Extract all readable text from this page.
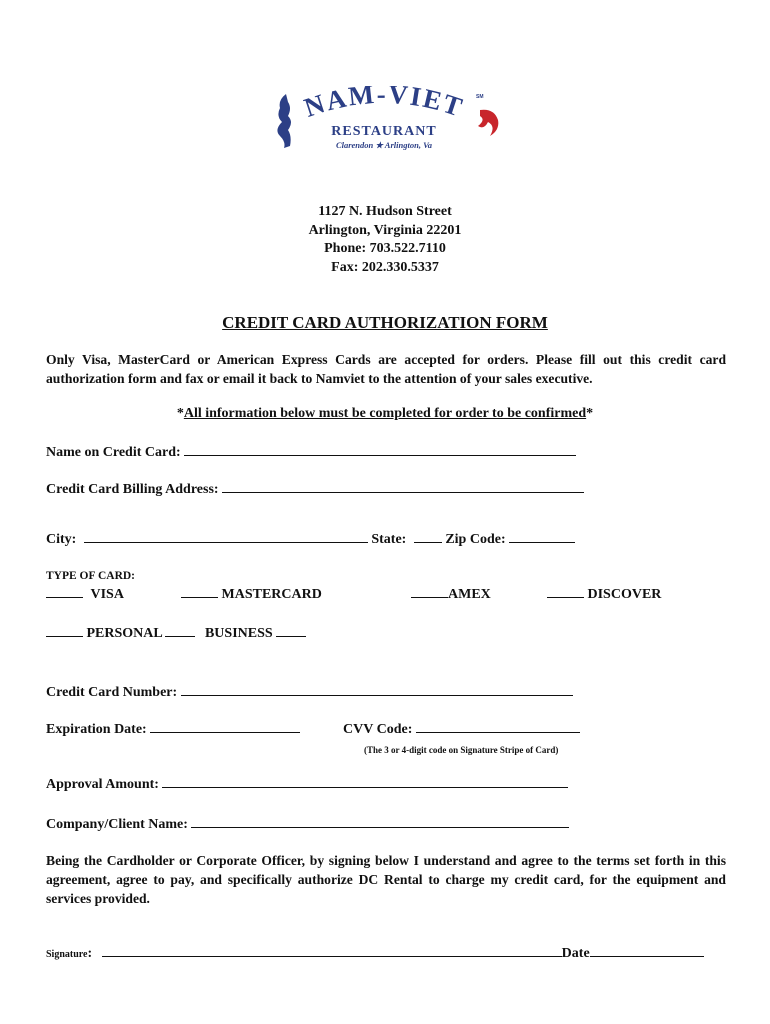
NAM-VIET SM
RESTAURANT
Clarendon ★ Arlington, Va
1127 N. Hudson Street
Arlington, Virginia 22201
Phone: 703.522.7110
Fax: 202.330.5337
CREDIT CARD AUTHORIZATION FORM
Only Visa, MasterCard or American Express Cards are accepted for orders. Please fill out this credit card authorization form and fax or email it back to Namviet to the attention of your sales executive.
*All information below must be completed for order to be confirmed*
Name on Credit Card:
Credit Card Billing Address:
City:	State:	Zip Code:
TYPE OF CARD:
VISA	MASTERCARD	AMEX	DISCOVER
PERSONAL	BUSINESS
Credit Card Number:
Expiration Date:	CVV Code:
(The 3 or 4-digit code on Signature Stripe of Card)
Approval Amount:
Company/Client Name:
Being the Cardholder or Corporate Officer, by signing below I understand and agree to the terms set forth in this agreement, agree to pay, and specifically authorize DC Rental to charge my credit card, for the equipment and services provided.
Signature:	Date
